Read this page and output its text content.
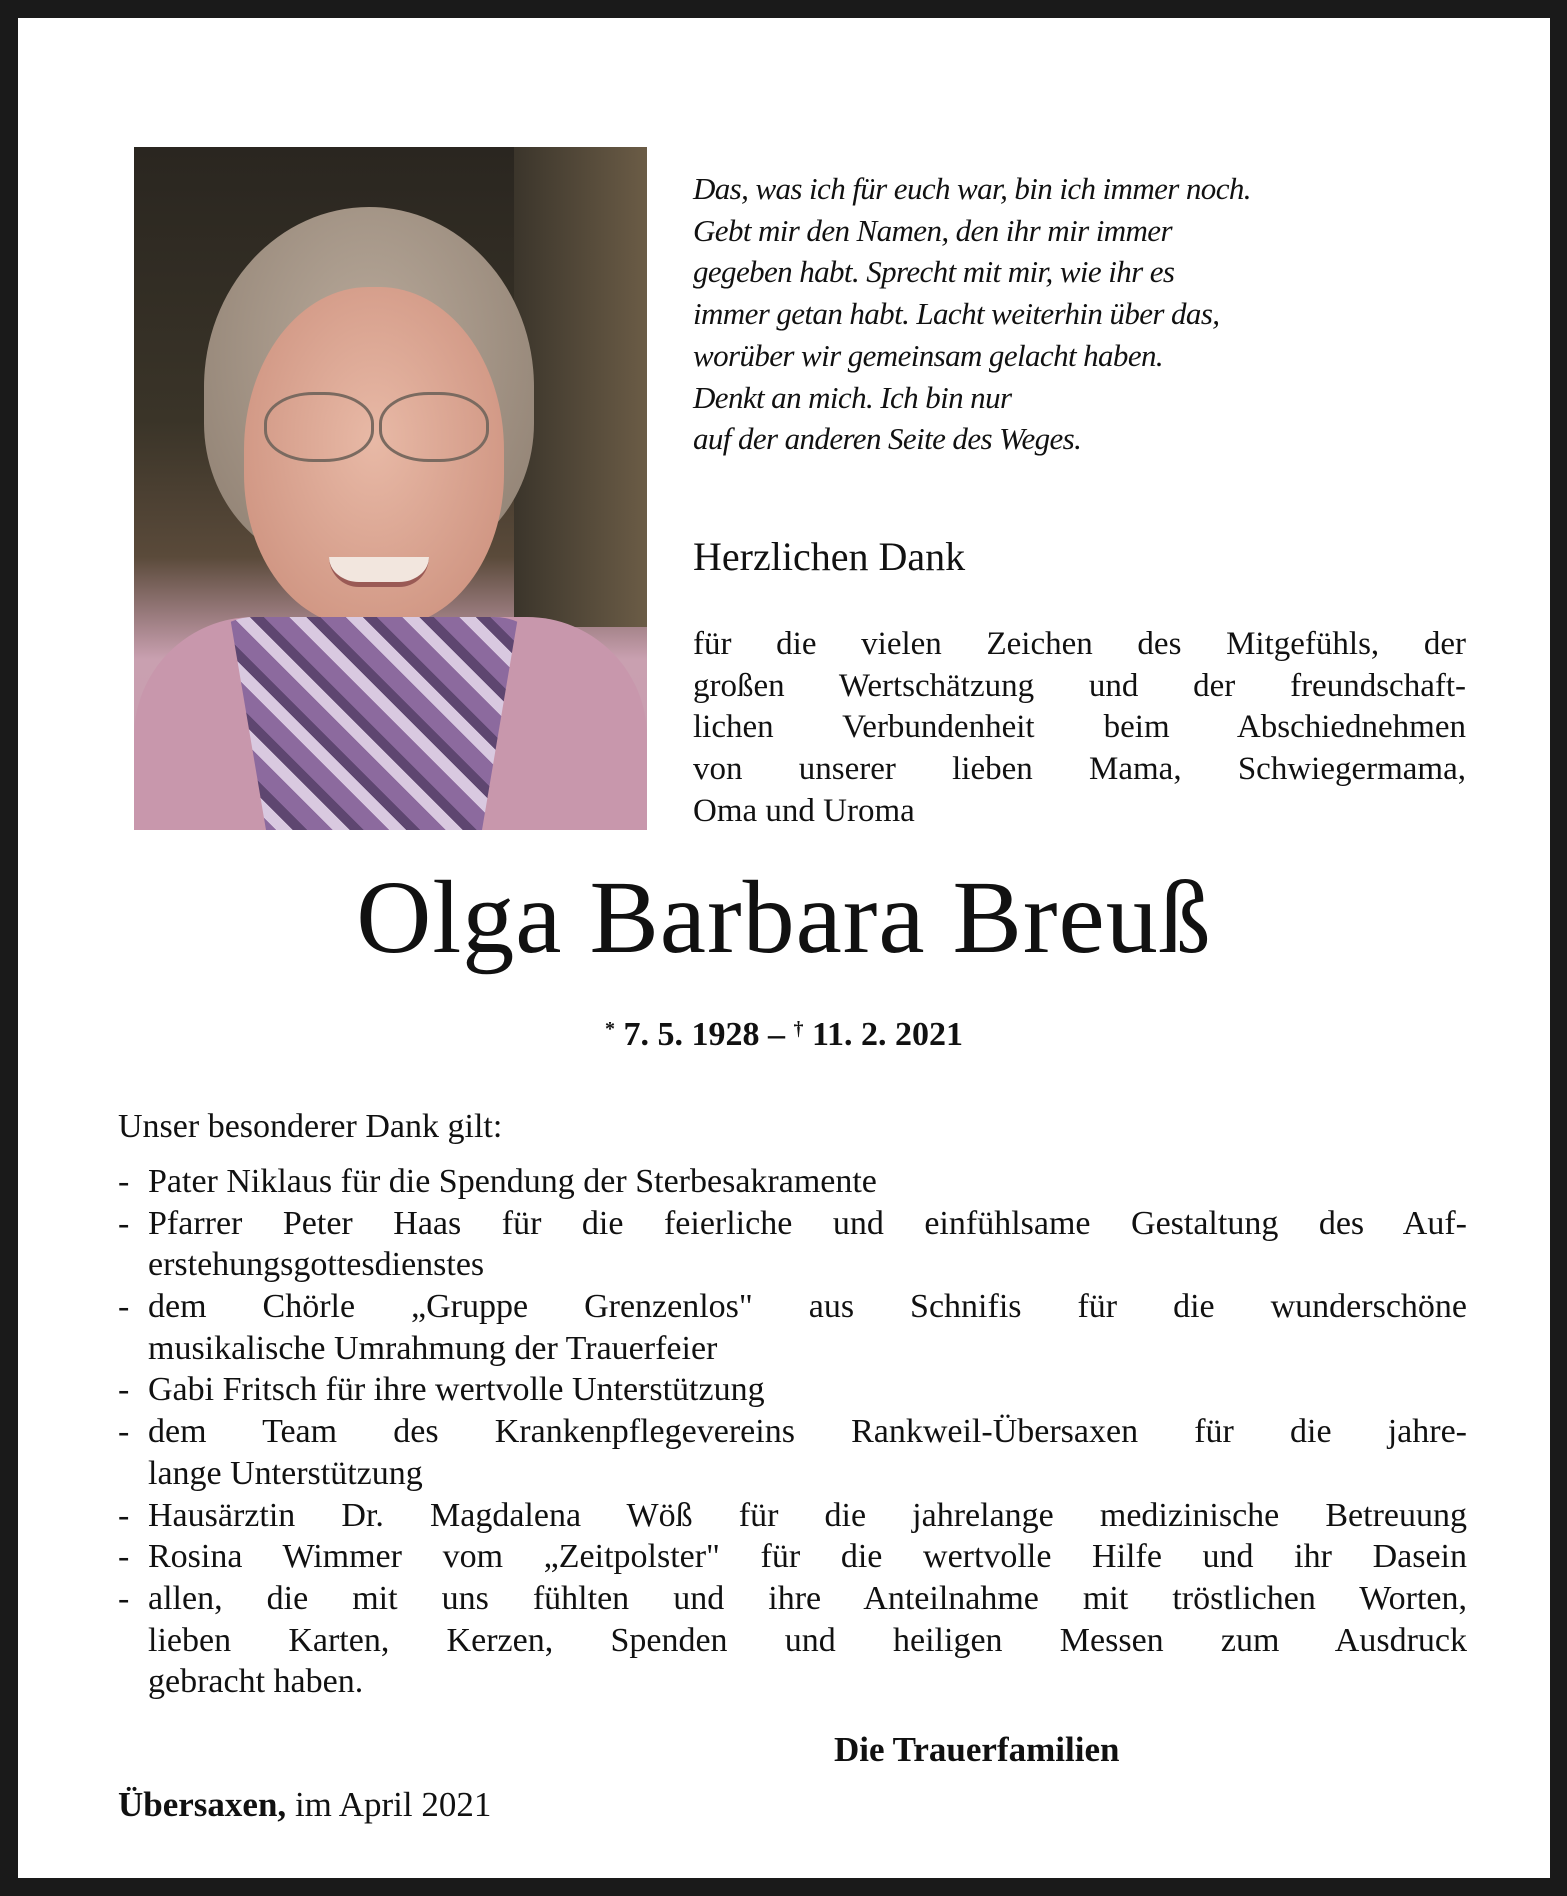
Das, was ich für euch war, bin ich immer noch.
Gebt mir den Namen, den ihr mir immer
gegeben habt. Sprecht mit mir, wie ihr es
immer getan habt. Lacht weiterhin über das,
worüber wir gemeinsam gelacht haben.
Denkt an mich. Ich bin nur
auf der anderen Seite des Weges.
Herzlichen Dank
für die vielen Zeichen des Mitgefühls, der
großen Wertschätzung und der freundschaft-
lichen Verbundenheit beim Abschiednehmen
von unserer lieben Mama, Schwiegermama,
Oma und Uroma
Olga Barbara Breuß
* 7. 5. 1928 – † 11. 2. 2021
Unser besonderer Dank gilt:
- Pater Niklaus für die Spendung der Sterbesakramente
- Pfarrer Peter Haas für die feierliche und einfühlsame Gestaltung des Auf-
erstehungsgottesdienstes
- dem Chörle „Gruppe Grenzenlos" aus Schnifis für die wunderschöne
musikalische Umrahmung der Trauerfeier
- Gabi Fritsch für ihre wertvolle Unterstützung
- dem Team des Krankenpflegevereins Rankweil-Übersaxen für die jahre-
lange Unterstützung
- Hausärztin Dr. Magdalena Wöß für die jahrelange medizinische Betreuung
- Rosina Wimmer vom „Zeitpolster" für die wertvolle Hilfe und ihr Dasein
- allen, die mit uns fühlten und ihre Anteilnahme mit tröstlichen Worten,
lieben Karten, Kerzen, Spenden und heiligen Messen zum Ausdruck
gebracht haben.
Die Trauerfamilien
Übersaxen, im April 2021
